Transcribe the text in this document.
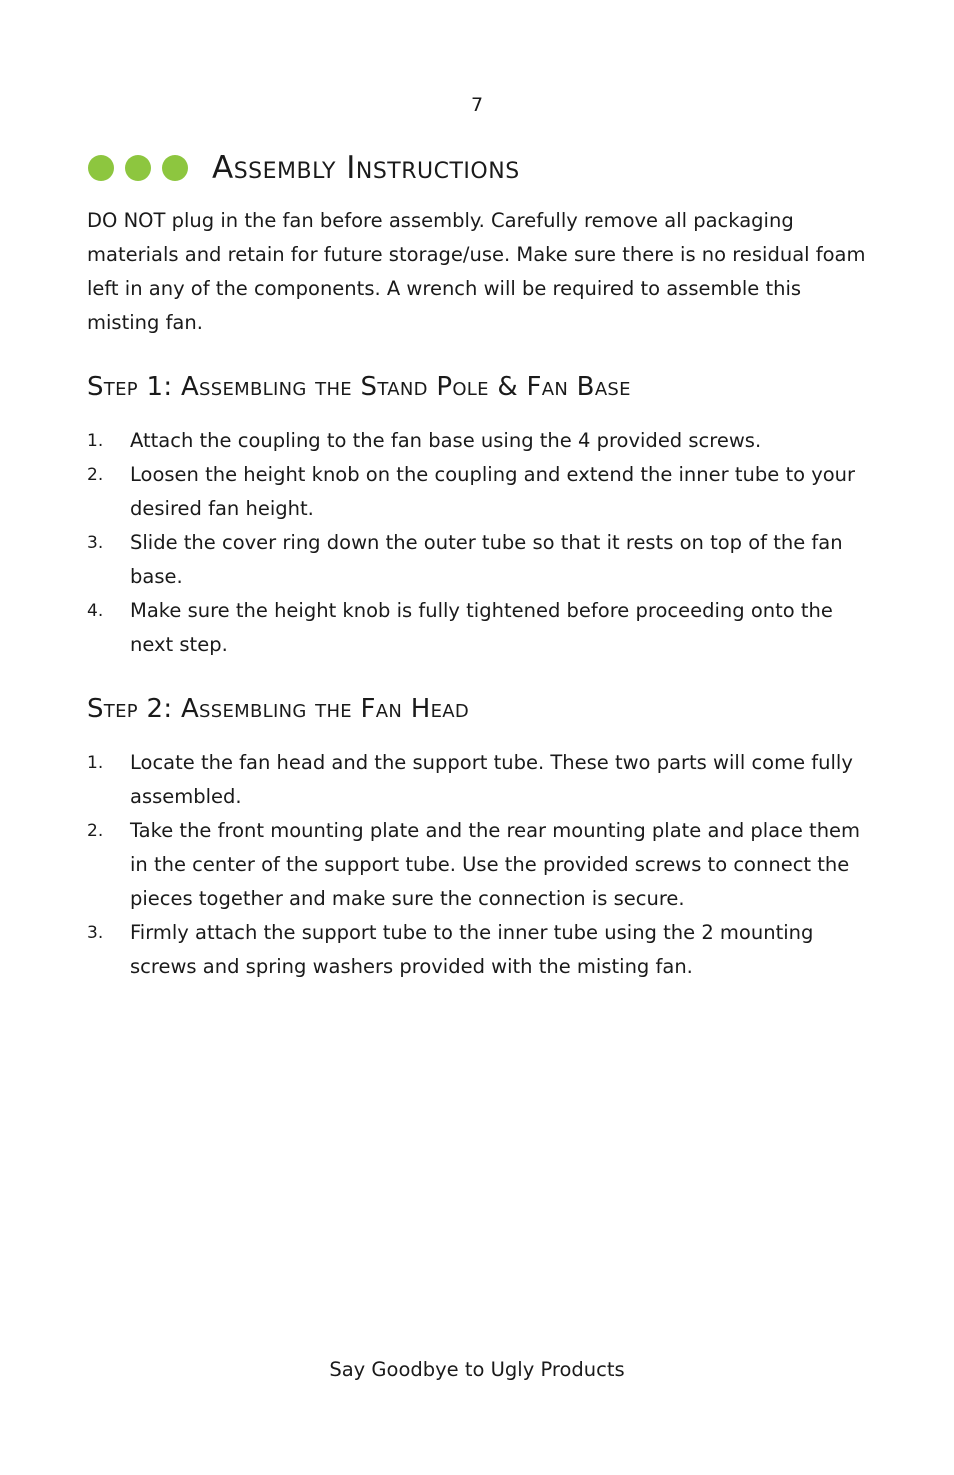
7
Assembly Instructions

DO NOT plug in the fan before assembly. Carefully remove all packaging materials and retain for future storage/use. Make sure there is no residual foam left in any of the components. A wrench will be required to assemble this misting fan.

Step 1: Assembling the Stand Pole & Fan Base
1.	Attach the coupling to the fan base using the 4 provided screws.
2.	Loosen the height knob on the coupling and extend the inner tube to your desired fan height.
3.	Slide the cover ring down the outer tube so that it rests on top of the fan base.
4.	Make sure the height knob is fully tightened before proceeding onto the next step.
Step 2: Assembling the Fan Head
1.	Locate the fan head and the support tube. These two parts will come fully assembled.
2.	Take the front mounting plate and the rear mounting plate and place them in the center of the support tube. Use the provided screws to connect the pieces together and make sure the connection is secure.
3.	Firmly attach the support tube to the inner tube using the 2 mounting screws and spring washers provided with the misting fan.
Say Goodbye to Ugly Products
